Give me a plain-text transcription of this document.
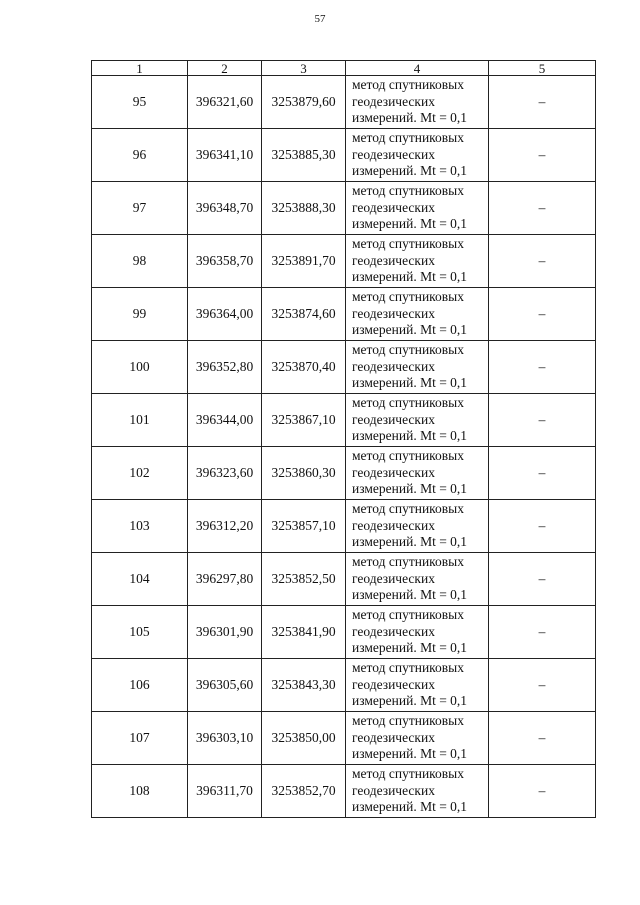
57
1	2	3	4	5
95	396321,60	3253879,60	метод спутниковых
геодезических
измерений. Mt = 0,1	–
96	396341,10	3253885,30	метод спутниковых
геодезических
измерений. Mt = 0,1	–
97	396348,70	3253888,30	метод спутниковых
геодезических
измерений. Mt = 0,1	–
98	396358,70	3253891,70	метод спутниковых
геодезических
измерений. Mt = 0,1	–
99	396364,00	3253874,60	метод спутниковых
геодезических
измерений. Mt = 0,1	–
100	396352,80	3253870,40	метод спутниковых
геодезических
измерений. Mt = 0,1	–
101	396344,00	3253867,10	метод спутниковых
геодезических
измерений. Mt = 0,1	–
102	396323,60	3253860,30	метод спутниковых
геодезических
измерений. Mt = 0,1	–
103	396312,20	3253857,10	метод спутниковых
геодезических
измерений. Mt = 0,1	–
104	396297,80	3253852,50	метод спутниковых
геодезических
измерений. Mt = 0,1	–
105	396301,90	3253841,90	метод спутниковых
геодезических
измерений. Mt = 0,1	–
106	396305,60	3253843,30	метод спутниковых
геодезических
измерений. Mt = 0,1	–
107	396303,10	3253850,00	метод спутниковых
геодезических
измерений. Mt = 0,1	–
108	396311,70	3253852,70	метод спутниковых
геодезических
измерений. Mt = 0,1	–
